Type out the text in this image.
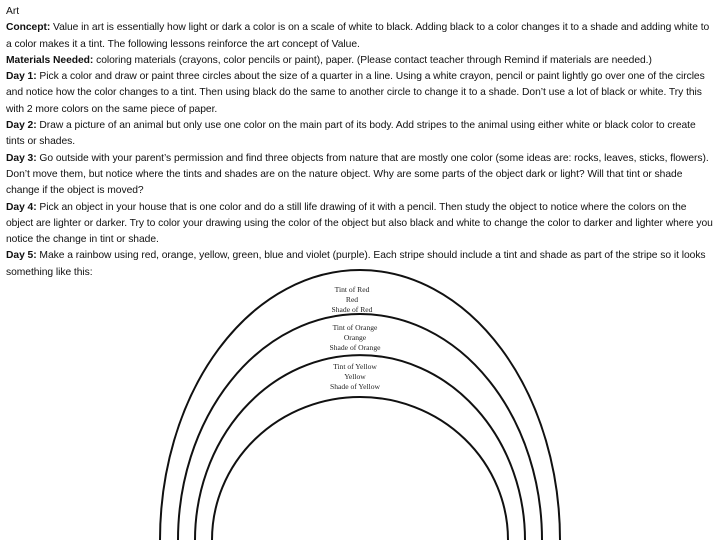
Art

Concept: Value in art is essentially how light or dark a color is on a scale of white to black. Adding black to a color changes it to a shade and adding white to a color makes it a tint. The following lessons reinforce the art concept of Value.

Materials Needed: coloring materials (crayons, color pencils or paint), paper. (Please contact teacher through Remind if materials are needed.)

Day 1: Pick a color and draw or paint three circles about the size of a quarter in a line. Using a white crayon, pencil or paint lightly go over one of the circles and notice how the color changes to a tint. Then using black do the same to another circle to change it to a shade. Don’t use a lot of black or white. Try this with 2 more colors on the same piece of paper.

Day 2: Draw a picture of an animal but only use one color on the main part of its body. Add stripes to the animal using either white or black color to create tints or shades.

Day 3: Go outside with your parent’s permission and find three objects from nature that are mostly one color (some ideas are: rocks, leaves, sticks, flowers). Don’t move them, but notice where the tints and shades are on the nature object. Why are some parts of the object dark or light? Will that tint or shade change if the object is moved?

Day 4: Pick an object in your house that is one color and do a still life drawing of it with a pencil. Then study the object to notice where the colors on the object are lighter or darker. Try to color your drawing using the color of the object but also black and white to change the color to darker and lighter where you notice the change in tint or shade.

Day 5: Make a rainbow using red, orange, yellow, green, blue and violet (purple). Each stripe should include a tint and shade as part of the stripe so it looks something like this:

Tint of Red
Red
Shade of Red
Tint of Orange
Orange
Shade of Orange
Tint of Yellow
Yellow
Shade of Yellow
